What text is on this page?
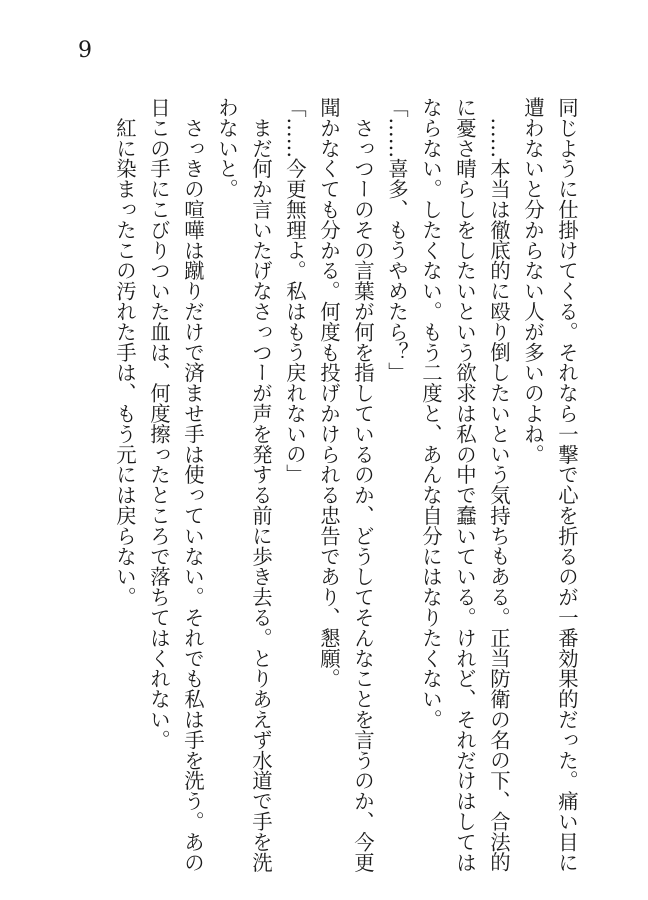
9
同じように仕掛けてくる。それなら一撃で心を折るのが一番効果的だった。痛い目に
遭わないと分からない人が多いのよね。
　……本当は徹底的に殴り倒したいという気持ちもある。正当防衛の名の下、合法的
に憂さ晴らしをしたいという欲求は私の中で蠢いている。けれど、それだけはしては
ならない。したくない。もう二度と、あんな自分にはなりたくない。
「……喜多、もうやめたら？」
　さっつーのその言葉が何を指しているのか、どうしてそんなことを言うのか、今更
聞かなくても分かる。何度も投げかけられる忠告であり、懇願。
「……今更無理よ。私はもう戻れないの」
　まだ何か言いたげなさっつーが声を発する前に歩き去る。とりあえず水道で手を洗
わないと。
　さっきの喧嘩は蹴りだけで済ませ手は使っていない。それでも私は手を洗う。あの
日この手にこびりついた血は、何度擦ったところで落ちてはくれない。
　紅に染まったこの汚れた手は、もう元には戻らない。
